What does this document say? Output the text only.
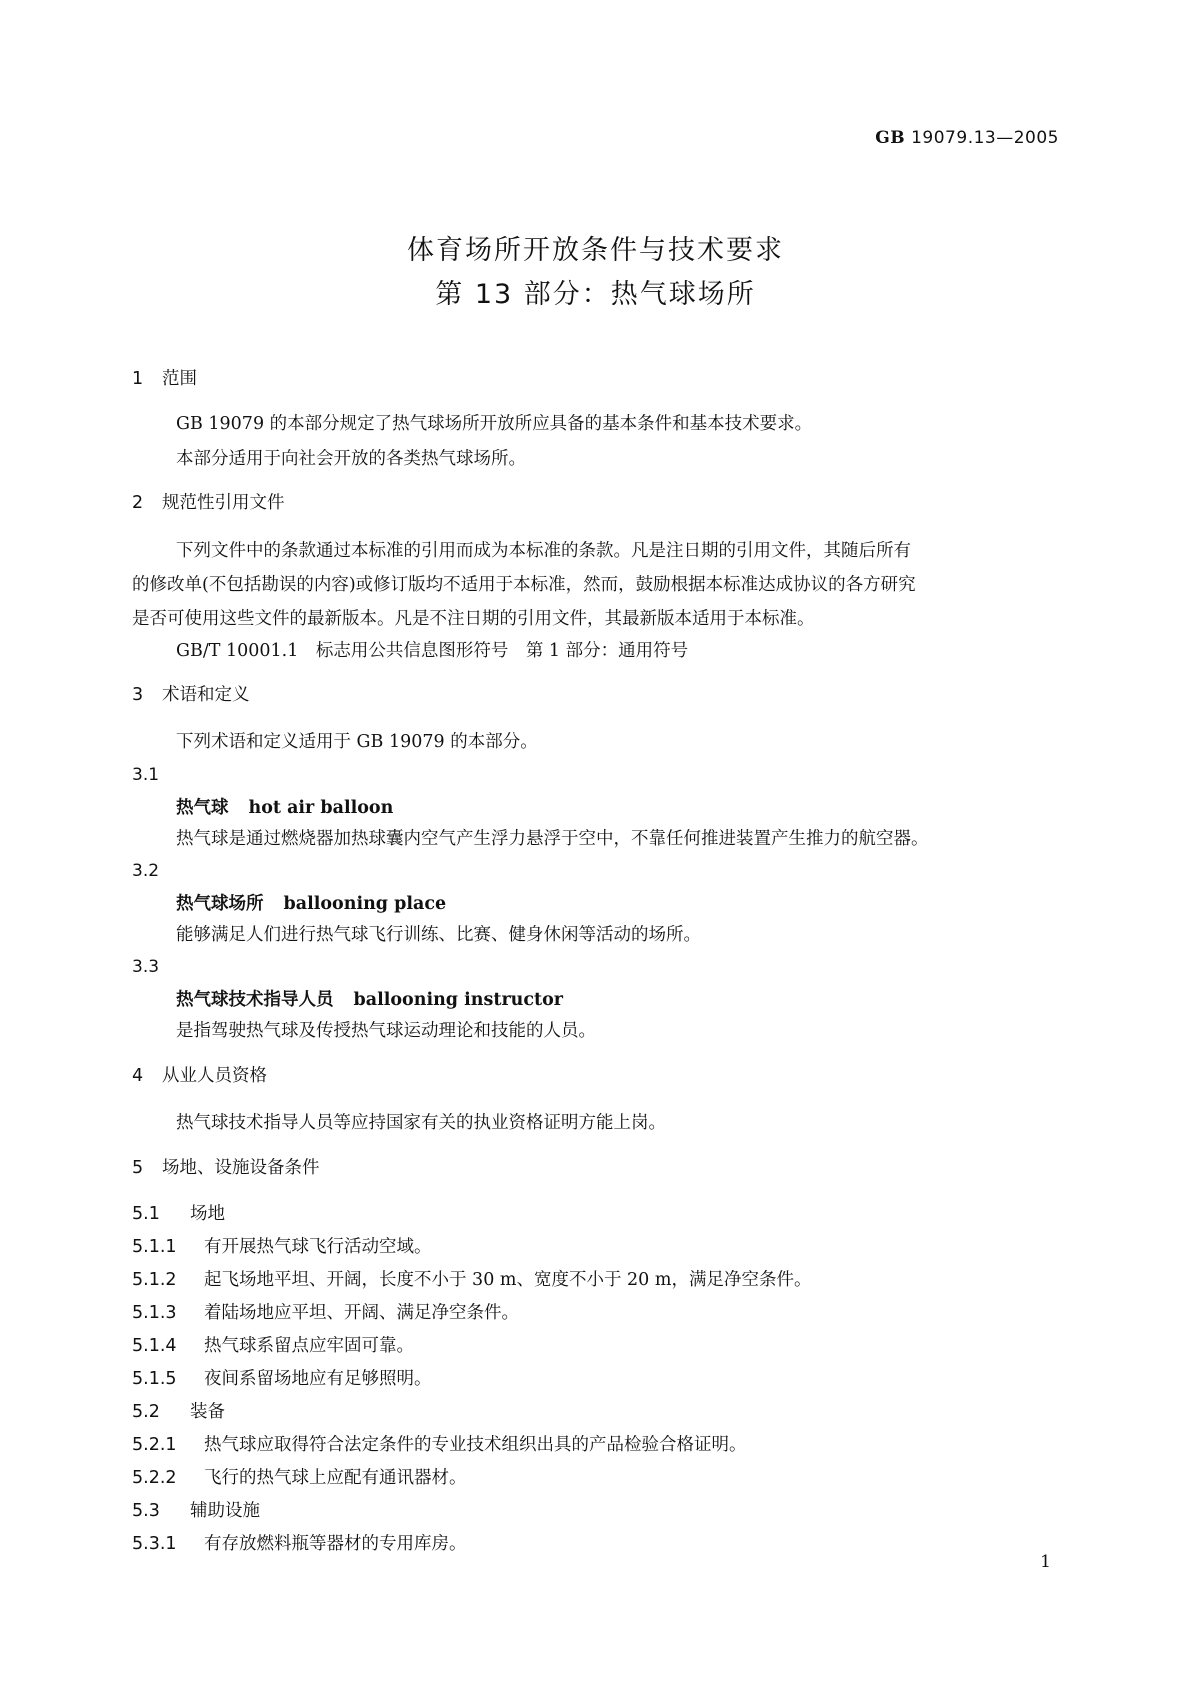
GB 19079.13—2005
体育场所开放条件与技术要求
第 13 部分：热气球场所
1 范围
GB 19079 的本部分规定了热气球场所开放所应具备的基本条件和基本技术要求。
本部分适用于向社会开放的各类热气球场所。
2 规范性引用文件
下列文件中的条款通过本标准的引用而成为本标准的条款。凡是注日期的引用文件，其随后所有
的修改单(不包括勘误的内容)或修订版均不适用于本标准，然而，鼓励根据本标准达成协议的各方研究
是否可使用这些文件的最新版本。凡是不注日期的引用文件，其最新版本适用于本标准。
GB/T 10001.1　标志用公共信息图形符号　第 1 部分：通用符号
3 术语和定义
下列术语和定义适用于 GB 19079 的本部分。
3.1
热气球 hot air balloon
热气球是通过燃烧器加热球囊内空气产生浮力悬浮于空中，不靠任何推进装置产生推力的航空器。
3.2
热气球场所 ballooning place
能够满足人们进行热气球飞行训练、比赛、健身休闲等活动的场所。
3.3
热气球技术指导人员 ballooning instructor
是指驾驶热气球及传授热气球运动理论和技能的人员。
4 从业人员资格
热气球技术指导人员等应持国家有关的执业资格证明方能上岗。
5 场地、设施设备条件
5.1 场地
5.1.1 有开展热气球飞行活动空域。
5.1.2 起飞场地平坦、开阔，长度不小于 30 m、宽度不小于 20 m，满足净空条件。
5.1.3 着陆场地应平坦、开阔、满足净空条件。
5.1.4 热气球系留点应牢固可靠。
5.1.5 夜间系留场地应有足够照明。
5.2 装备
5.2.1 热气球应取得符合法定条件的专业技术组织出具的产品检验合格证明。
5.2.2 飞行的热气球上应配有通讯器材。
5.3 辅助设施
5.3.1 有存放燃料瓶等器材的专用库房。
1
